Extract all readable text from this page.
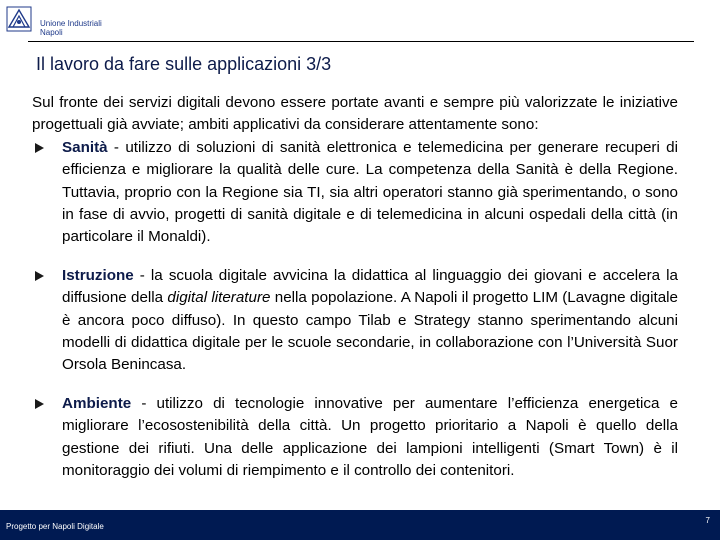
Unione Industriali
Napoli
Il lavoro da fare sulle applicazioni 3/3

Sul fronte dei servizi digitali devono essere portate avanti e sempre più valorizzate le iniziative progettuali già avviate; ambiti applicativi da considerare attentamente sono:

Sanità - utilizzo di soluzioni di sanità elettronica e telemedicina per generare recuperi di efficienza e migliorare la qualità delle cure. La competenza della Sanità è della Regione. Tuttavia, proprio con la Regione sia TI, sia altri operatori stanno già sperimentando, o sono in fase di avvio, progetti di sanità digitale e di telemedicina in alcuni ospedali della città (in particolare il Monaldi).
Istruzione - la scuola digitale avvicina la didattica al linguaggio dei giovani e accelera la diffusione della digital literature nella popolazione. A Napoli il progetto LIM (Lavagne digitale è ancora poco diffuso). In questo campo Tilab e Strategy stanno sperimentando alcuni modelli di didattica digitale per le scuole secondarie, in collaborazione con l’Università Suor Orsola Benincasa.
Ambiente - utilizzo di tecnologie innovative per aumentare l’efficienza energetica e migliorare l’ecosostenibilità della città. Un progetto prioritario a Napoli è quello della gestione dei rifiuti. Una delle applicazione dei lampioni intelligenti (Smart Town) è il monitoraggio dei volumi di riempimento e il controllo dei contenitori.
Progetto per Napoli Digitale
7
